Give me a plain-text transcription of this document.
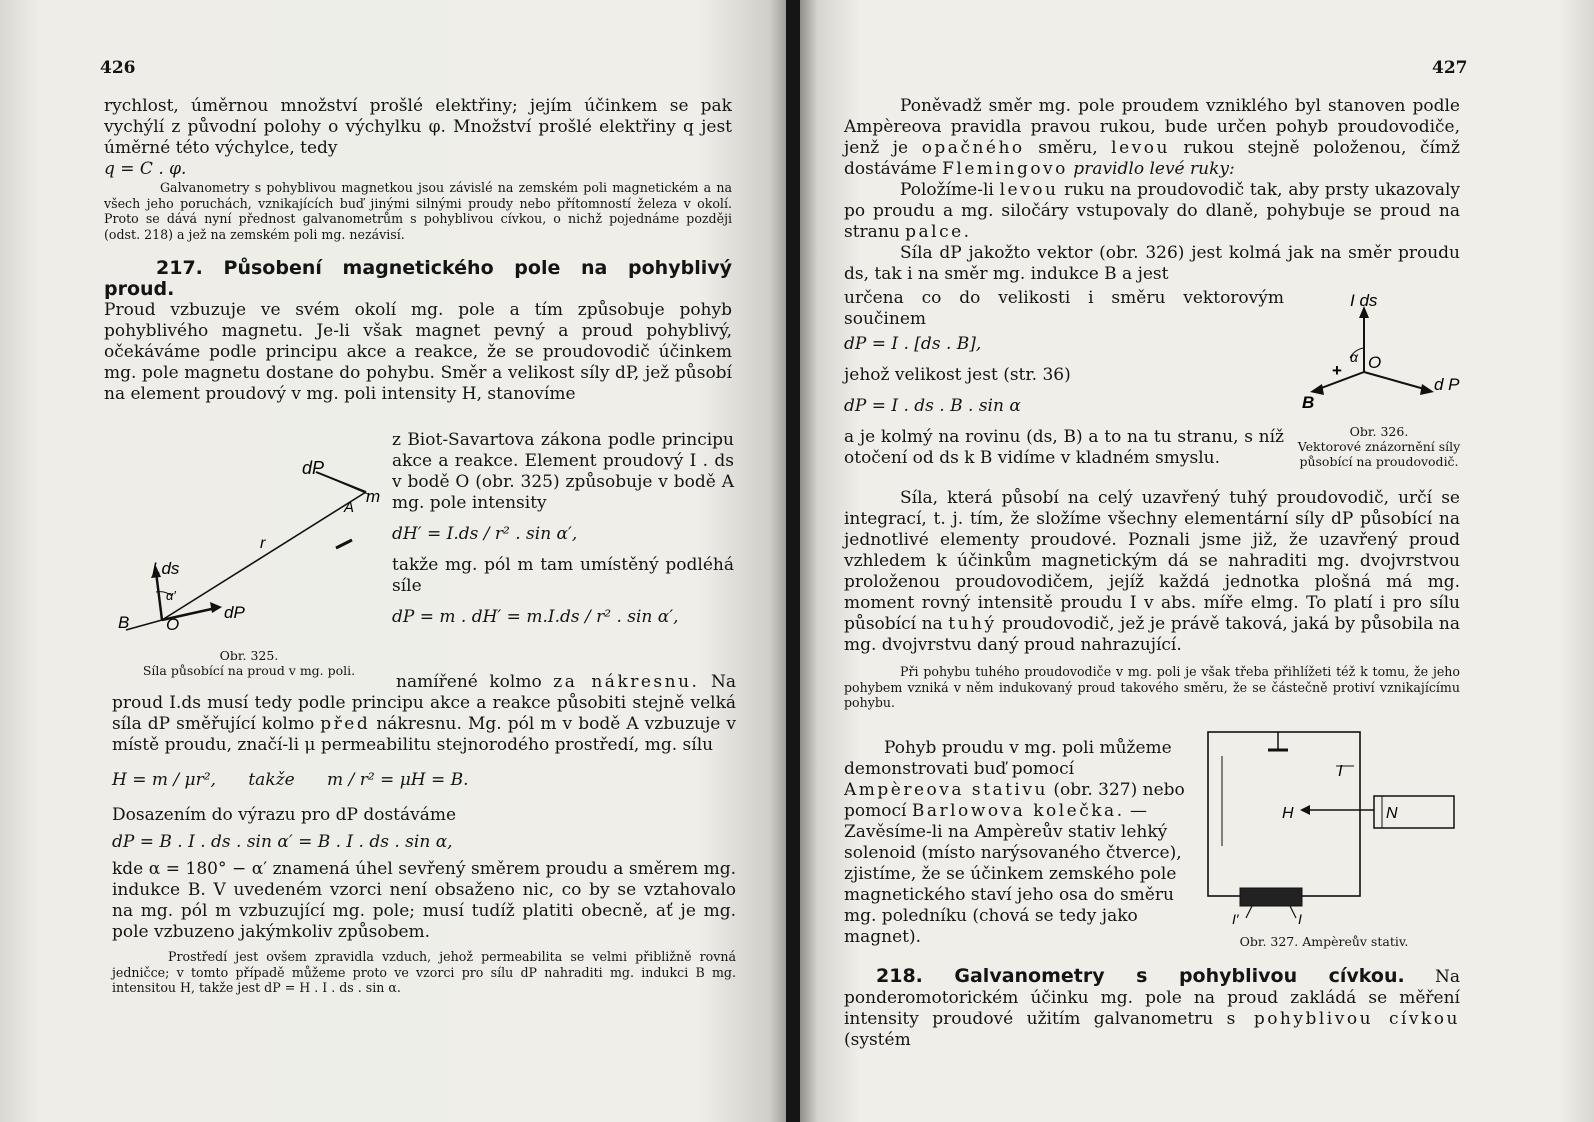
426

rychlost, úměrnou množství prošlé elektřiny; jejím účinkem se pak vychýlí z původní polohy o výchylku φ. Množství prošlé elektřiny q jest úměrné této výchylce, tedy

q = C . φ.

Galvanometry s pohyblivou magnetkou jsou závislé na zemském poli magnetickém a na všech jeho poruchách, vznikajících buď jinými silnými proudy nebo přítomností železa v okolí. Proto se dává nyní přednost galvanometrům s pohyblivou cívkou, o nichž pojednáme později (odst. 218) a jež na zemském poli mg. nezávisí.

217. Působení magnetického pole na pohyblivý proud.

Proud vzbuzuje ve svém okolí mg. pole a tím způsobuje pohyb pohyblivého magnetu. Je-li však magnet pevný a proud pohyblivý, očekáváme podle principu akce a reakce, že se proudovodič účinkem mg. pole magnetu dostane do pohybu. Směr a velikost síly dP, jež působí na element proudový v mg. poli intensity H, stanovíme

dP
m
A
r
I.ds
α′
B O
dP
Obr. 325.
Síla působící na proud v mg. poli.

z Biot-Savartova zákona podle principu akce a reakce. Element proudový I . ds v bodě O (obr. 325) způsobuje v bodě A mg. pole intensity

dH′ = I.ds / r² . sin α′,

takže mg. pól m tam umístěný podléhá síle

dP = m . dH′ = m.I.ds / r² . sin α′,

namířené kolmo za nákresnu. Na proud I.ds musí tedy podle principu akce a reakce působiti stejně velká síla dP směřující kolmo před nákresnu. Mg. pól m v bodě A vzbuzuje v místě proudu, značí-li μ permeabilitu stejnorodého prostředí, mg. sílu

H = m / μr²,      takže      m / r² = μH = B.

Dosazením do výrazu pro dP dostáváme

dP = B . I . ds . sin α′ = B . I . ds . sin α,

kde α = 180° − α′ znamená úhel sevřený směrem proudu a směrem mg. indukce B. V uvedeném vzorci není obsaženo nic, co by se vztahovalo na mg. pól m vzbuzující mg. pole; musí tudíž platiti obecně, ať je mg. pole vzbuzeno jakýmkoliv způsobem.

Prostředí jest ovšem zpravidla vzduch, jehož permeabilita se velmi přibližně rovná jedničce; v tomto případě můžeme proto ve vzorci pro sílu dP nahraditi mg. indukci B mg. intensitou H, takže jest dP = H . I . ds . sin α.

427

Poněvadž směr mg. pole proudem vzniklého byl stanoven podle Ampèreova pravidla pravou rukou, bude určen pohyb proudovodiče, jenž je opačného směru, levou rukou stejně položenou, čímž dostáváme Flemingovo pravidlo levé ruky:

Položíme-li levou ruku na proudovodič tak, aby prsty ukazovaly po proudu a mg. siločáry vstupovaly do dlaně, pohybuje se proud na stranu palce.

Síla dP jakožto vektor (obr. 326) jest kolmá jak na směr proudu ds, tak i na směr mg. indukce B a jest

určena co do velikosti i směru vektorovým součinem

dP = I . [ds . B],

jehož velikost jest (str. 36)

dP = I . ds . B . sin α

a je kolmý na rovinu (ds, B) a to na tu stranu, s níž otočení od ds k B vidíme v kladném smyslu.

I ds
α O
+
d P
B
Obr. 326.
Vektorové znázornění síly působící na proudovodič.

Síla, která působí na celý uzavřený tuhý proudovodič, určí se integrací, t. j. tím, že složíme všechny elementární síly dP působící na jednotlivé elementy proudové. Poznali jsme již, že uzavřený proud vzhledem k účinkům magnetickým dá se nahraditi mg. dvojvrstvou proloženou proudovodičem, jejíž každá jednotka plošná má mg. moment rovný intensitě proudu I v abs. míře elmg. To platí i pro sílu působící na tuhý proudovodič, jež je právě taková, jaká by působila na mg. dvojvrstvu daný proud nahrazující.

Při pohybu tuhého proudovodiče v mg. poli je však třeba přihlížeti též k tomu, že jeho pohybem vzniká v něm indukovaný proud takového směru, že se částečně protiví vznikajícímu pohybu.

Pohyb proudu v mg. poli můžeme demonstrovati buď pomocí Ampèreova stativu (obr. 327) nebo pomocí Barlowova kolečka. — Zavěsíme-li na Ampèreův stativ lehký solenoid (místo narýsovaného čtverce), zjistíme, že se účinkem zemského pole magnetického staví jeho osa do směru mg. poledníku (chová se tedy jako magnet).

I
H	N
I′	I
Obr. 327. Ampèreův stativ.

218. Galvanometry s pohyblivou cívkou. Na ponderomotorickém účinku mg. pole na proud zakládá se měření intensity proudové užitím galvanometru s pohyblivou cívkou (systém
